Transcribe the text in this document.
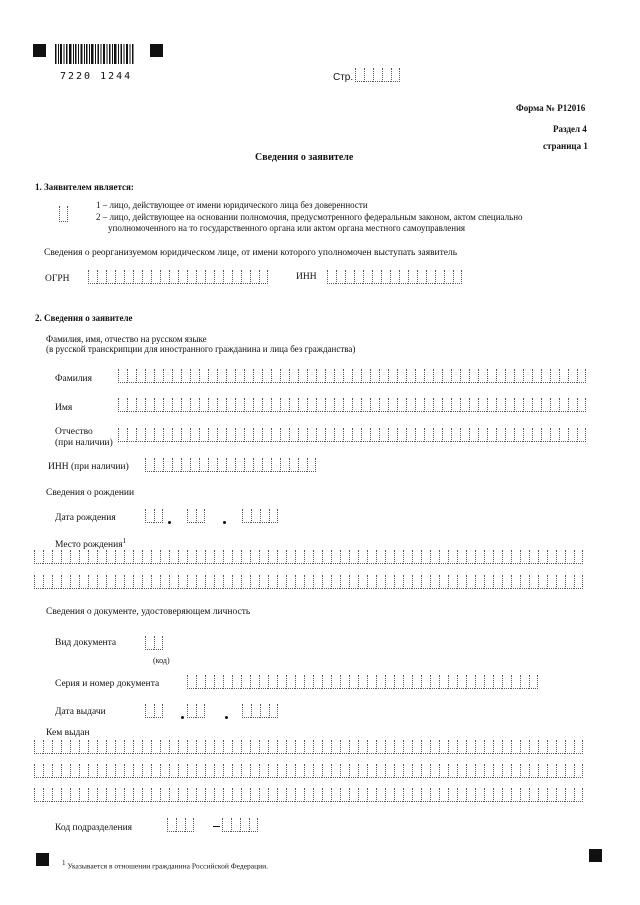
7220 1244	Стр.
Форма № Р12016
Раздел 4
страница 1
Сведения о заявителе
1. Заявителем является:
1 – лицо, действующее от имени юридического лица без доверенности
2 – лицо, действующее на основании полномочия, предусмотренного федеральным законом, актом специально
уполномоченного на то государственного органа или актом органа местного самоуправления
Сведения о реорганизуемом юридическом лице, от имени которого уполномочен выступать заявитель
ОГРН	ИНН
2. Сведения о заявителе
Фамилия, имя, отчество на русском языке
(в русской транскрипции для иностранного гражданина и лица без гражданства)
Фамилия
Имя
Отчество
(при наличии)
ИНН (при наличии)
Сведения о рождении
Дата рождения
Место рождения$^1$
Сведения о документе, удостоверяющем личность
Вид документа
(код)
Серия и номер документа
Дата выдачи
Кем выдан
Код подразделения
$^1$ Указывается в отношении гражданина Российской Федерации.
